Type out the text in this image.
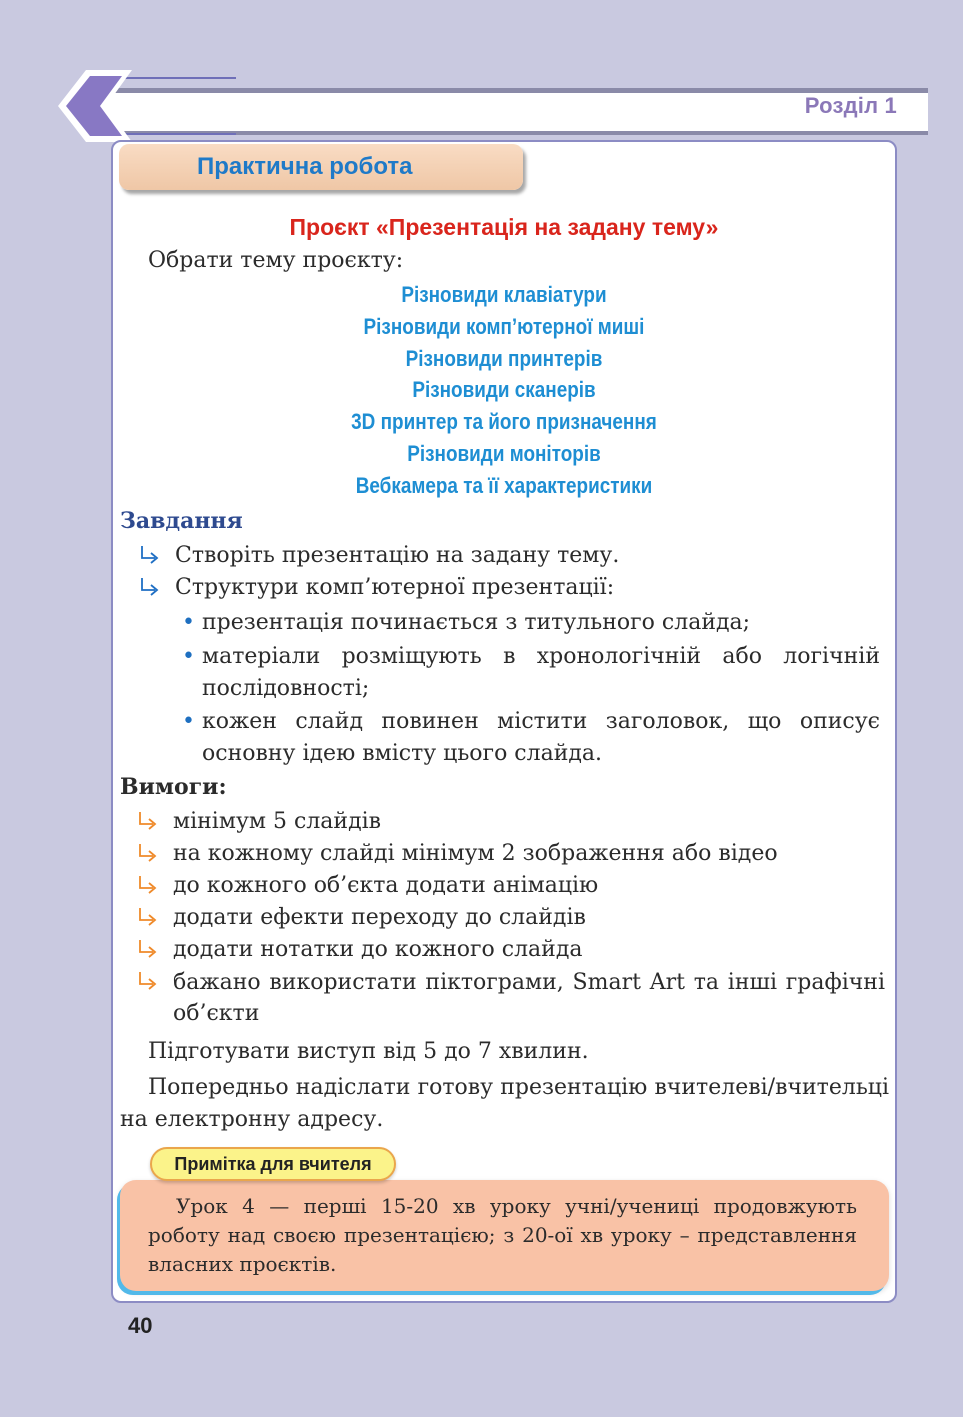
Розділ 1
Практична робота
Проєкт «Презентація на задану тему»
Обрати тему проєкту:
Різновиди клавіатури
Різновиди комп’ютерної миші
Різновиди принтерів
Різновиди сканерів
3D принтер та його призначення
Різновиди моніторів
Вебкамера та її характеристики
Завдання
Створіть презентацію на задану тему.
Структури комп’ютерної презентації:
• презентація починається з титульного слайда;
• матеріали розміщують в хронологічній або логічній послідовності;
• кожен слайд повинен містити заголовок, що описує основну ідею вмісту цього слайда.
Вимоги:
мінімум 5 слайдів
на кожному слайді мінімум 2 зображення або відео
до кожного об’єкта додати анімацію
додати ефекти переходу до слайдів
додати нотатки до кожного слайда
бажано використати піктограми, Smart Art та інші графічні об’єкти
Підготувати виступ від 5 до 7 хвилин.
Попередньо надіслати готову презентацію вчителеві/вчительці на електронну адресу.
Примітка для вчителя
Урок 4 — перші 15-20 хв уроку учні/учениці продовжують роботу над своєю презентацією; з 20-ої хв уроку – представлення власних проєктів.
40
